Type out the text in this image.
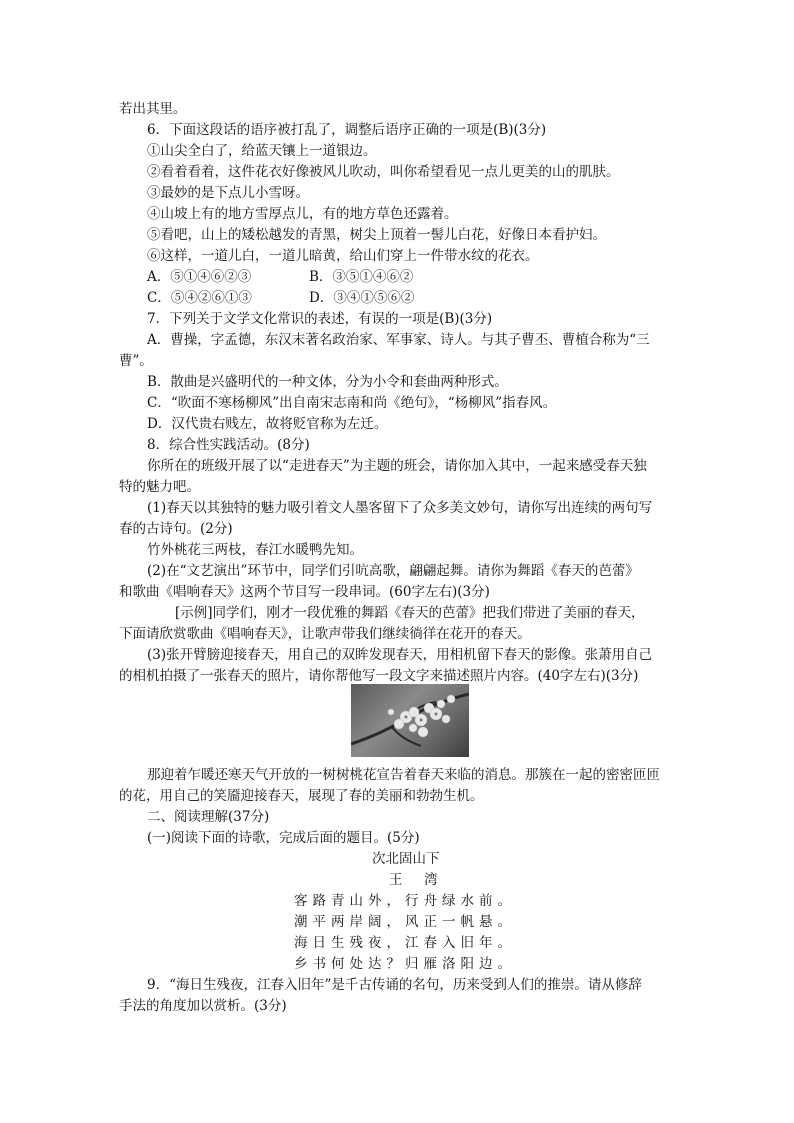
若出其里。
6．下面这段话的语序被打乱了，调整后语序正确的一项是(B)(3分)
①山尖全白了，给蓝天镶上一道银边。
②看着看着，这件花衣好像被风儿吹动，叫你希望看见一点儿更美的山的肌肤。
③最妙的是下点儿小雪呀。
④山坡上有的地方雪厚点儿，有的地方草色还露着。
⑤看吧，山上的矮松越发的青黑，树尖上顶着一髻儿白花，好像日本看护妇。
⑥这样，一道儿白，一道儿暗黄，给山们穿上一件带水纹的花衣。
A．⑤①④⑥②③	B．③⑤①④⑥②
C．⑤④②⑥①③	D．③④①⑤⑥②
7．下列关于文学文化常识的表述，有误的一项是(B)(3分)
A．曹操，字孟德，东汉末著名政治家、军事家、诗人。与其子曹丕、曹植合称为“三
曹”。
B．散曲是兴盛明代的一种文体，分为小令和套曲两种形式。
C．“吹面不寒杨柳风”出自南宋志南和尚《绝句》，“杨柳风”指春风。
D．汉代贵右贱左，故将贬官称为左迁。
8．综合性实践活动。(8分)
你所在的班级开展了以“走进春天”为主题的班会，请你加入其中，一起来感受春天独
特的魅力吧。
(1)春天以其独特的魅力吸引着文人墨客留下了众多美文妙句，请你写出连续的两句写
春的古诗句。(2分)
竹外桃花三两枝，春江水暖鸭先知。
(2)在“文艺演出”环节中，同学们引吭高歌，翩翩起舞。请你为舞蹈《春天的芭蕾》
和歌曲《唱响春天》这两个节目写一段串词。(60字左右)(3分)
[示例]同学们，刚才一段优雅的舞蹈《春天的芭蕾》把我们带进了美丽的春天，
下面请欣赏歌曲《唱响春天》，让歌声带我们继续徜徉在花开的春天。
(3)张开臂膀迎接春天，用自己的双眸发现春天，用相机留下春天的影像。张萧用自己
的相机拍摄了一张春天的照片，请你帮他写一段文字来描述照片内容。(40字左右)(3分)
那迎着乍暖还寒天气开放的一树树桃花宣告着春天来临的消息。那簇在一起的密密匝匝
的花，用自己的笑靥迎接春天，展现了春的美丽和勃勃生机。
二、阅读理解(37分)
(一)阅读下面的诗歌，完成后面的题目。(5分)
次北固山下
王　湾
客路青山外，行舟绿水前。
潮平两岸阔，风正一帆悬。
海日生残夜，江春入旧年。
乡书何处达？归雁洛阳边。
9．“海日生残夜，江春入旧年”是千古传诵的名句，历来受到人们的推崇。请从修辞
手法的角度加以赏析。(3分)
